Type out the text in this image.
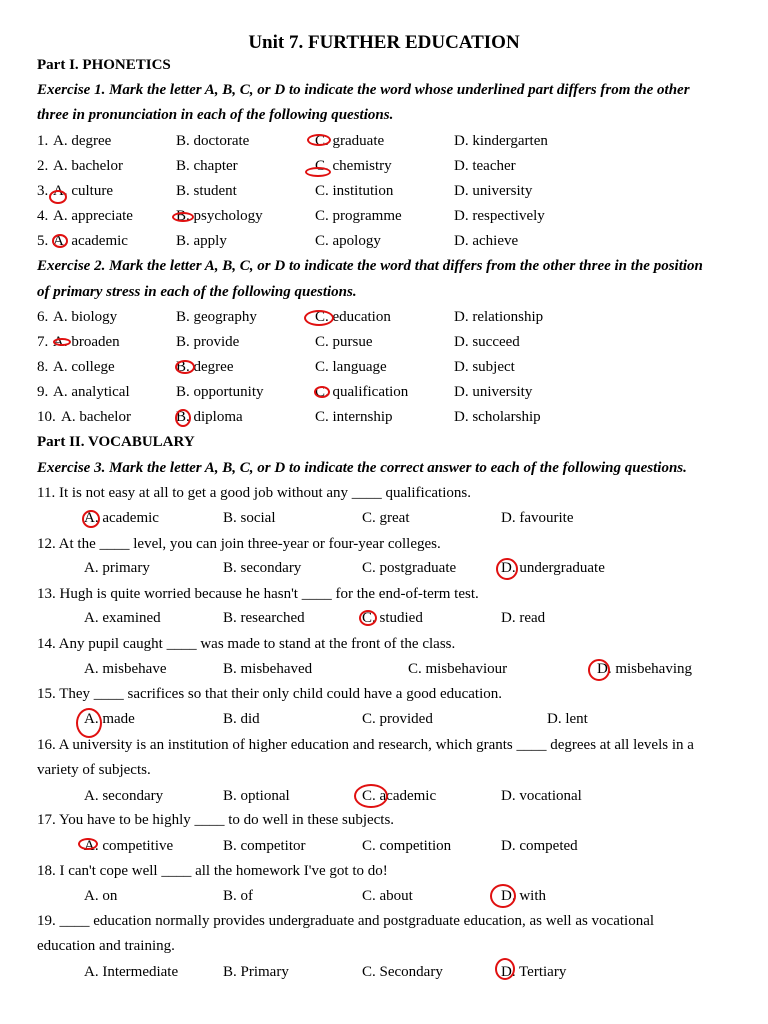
Unit 7. FURTHER EDUCATION
Part I. PHONETICS
Exercise 1. Mark the letter A, B, C, or D to indicate the word whose underlined part differs from the other
three in pronunciation in each of the following questions.
1. A. degree	B. doctorate	C. graduate	D. kindergarten
2. A. bachelor	B. chapter	C. chemistry	D. teacher
3. A. culture	B. student	C. institution	D. university
4. A. appreciate	B. psychology	C. programme	D. respectively
5. A. academic	B. apply	C. apology	D. achieve
Exercise 2. Mark the letter A, B, C, or D to indicate the word that differs from the other three in the position
of primary stress in each of the following questions.
6. A. biology	B. geography	C. education	D. relationship
7. A. broaden	B. provide	C. pursue	D. succeed
8. A. college	B. degree	C. language	D. subject
9. A. analytical	B. opportunity	C. qualification	D. university
10. A. bachelor	B. diploma	C. internship	D. scholarship
Part II. VOCABULARY
Exercise 3. Mark the letter A, B, C, or D to indicate the correct answer to each of the following questions.
11. It is not easy at all to get a good job without any ____ qualifications.
A. academic	B. social	C. great	D. favourite
12. At the ____ level, you can join three-year or four-year colleges.
A. primary	B. secondary	C. postgraduate	D. undergraduate
13. Hugh is quite worried because he hasn't ____ for the end-of-term test.
A. examined	B. researched	C. studied	D. read
14. Any pupil caught ____ was made to stand at the front of the class.
A. misbehave	B. misbehaved	C. misbehaviour	D. misbehaving
15. They ____ sacrifices so that their only child could have a good education.
A. made	B. did	C. provided	D. lent
16. A university is an institution of higher education and research, which grants ____ degrees at all levels in a
variety of subjects.
A. secondary	B. optional	C. academic	D. vocational
17. You have to be highly ____ to do well in these subjects.
A. competitive	B. competitor	C. competition	D. competed
18. I can't cope well ____ all the homework I've got to do!
A. on	B. of	C. about	D. with
19. ____ education normally provides undergraduate and postgraduate education, as well as vocational
education and training.
A. Intermediate	B. Primary	C. Secondary	D. Tertiary
